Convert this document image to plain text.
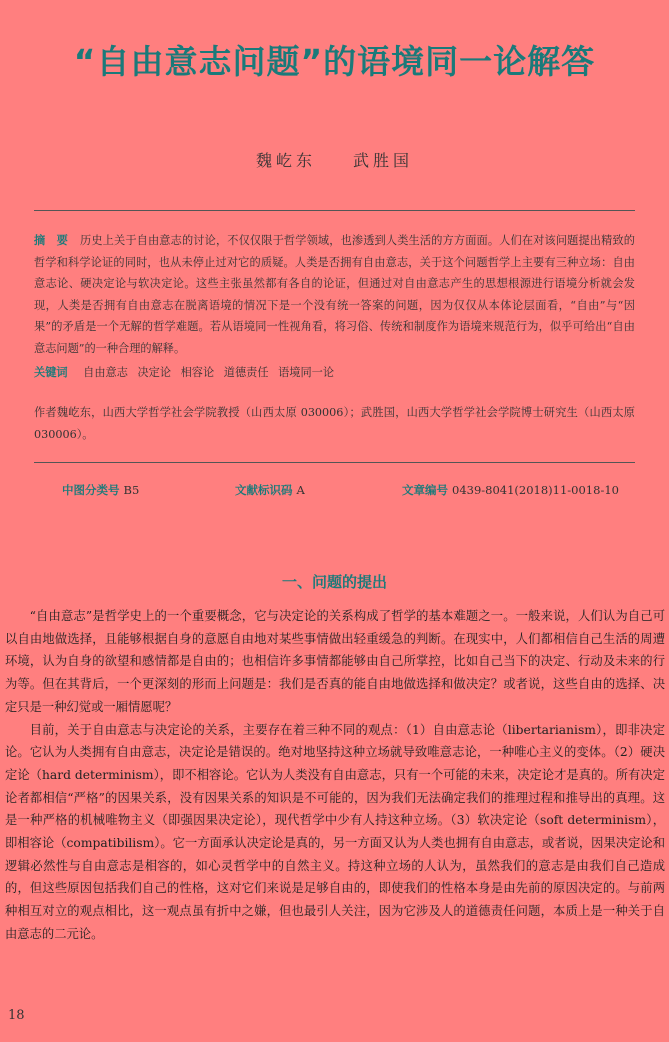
“自由意志问题”的语境同一论解答
魏屹东 武胜国
摘　要 历史上关于自由意志的讨论，不仅仅限于哲学领域，也渗透到人类生活的方方面面。人们在对该问题提出精致的哲学和科学论证的同时，也从未停止过对它的质疑。人类是否拥有自由意志，关于这个问题哲学上主要有三种立场：自由意志论、硬决定论与软决定论。这些主张虽然都有各自的论证，但通过对自由意志产生的思想根源进行语境分析就会发现，人类是否拥有自由意志在脱离语境的情况下是一个没有统一答案的问题，因为仅仅从本体论层面看，“自由”与“因果”的矛盾是一个无解的哲学难题。若从语境同一性视角看，将习俗、传统和制度作为语境来规范行为，似乎可给出“自由意志问题”的一种合理的解释。
关键词 自由意志 决定论 相容论 道德责任 语境同一论
作者魏屹东，山西大学哲学社会学院教授（山西太原 030006）；武胜国，山西大学哲学社会学院博士研究生（山西太原 030006）。
中图分类号 B5	文献标识码 A	文章编号 0439-8041(2018)11-0018-10
一、问题的提出

“自由意志”是哲学史上的一个重要概念，它与决定论的关系构成了哲学的基本难题之一。一般来说，人们认为自己可以自由地做选择，且能够根据自身的意愿自由地对某些事情做出轻重缓急的判断。在现实中，人们都相信自己生活的周遭环境，认为自身的欲望和感情都是自由的；也相信许多事情都能够由自己所掌控，比如自己当下的决定、行动及未来的行为等。但在其背后，一个更深刻的形而上问题是：我们是否真的能自由地做选择和做决定？或者说，这些自由的选择、决定只是一种幻觉或一厢情愿呢？

目前，关于自由意志与决定论的关系，主要存在着三种不同的观点：（1）自由意志论（libertarianism），即非决定论。它认为人类拥有自由意志，决定论是错误的。绝对地坚持这种立场就导致唯意志论，一种唯心主义的变体。（2）硬决定论（hard determinism），即不相容论。它认为人类没有自由意志，只有一个可能的未来，决定论才是真的。所有决定论者都相信“严格”的因果关系，没有因果关系的知识是不可能的，因为我们无法确定我们的推理过程和推导出的真理。这是一种严格的机械唯物主义（即强因果决定论），现代哲学中少有人持这种立场。（3）软决定论（soft determinism），即相容论（compatibilism）。它一方面承认决定论是真的，另一方面又认为人类也拥有自由意志，或者说，因果决定论和逻辑必然性与自由意志是相容的，如心灵哲学中的自然主义。持这种立场的人认为，虽然我们的意志是由我们自己造成的，但这些原因包括我们自己的性格，这对它们来说是足够自由的，即使我们的性格本身是由先前的原因决定的。与前两种相互对立的观点相比，这一观点虽有折中之嫌，但也最引人关注，因为它涉及人的道德责任问题，本质上是一种关于自由意志的二元论。

18
